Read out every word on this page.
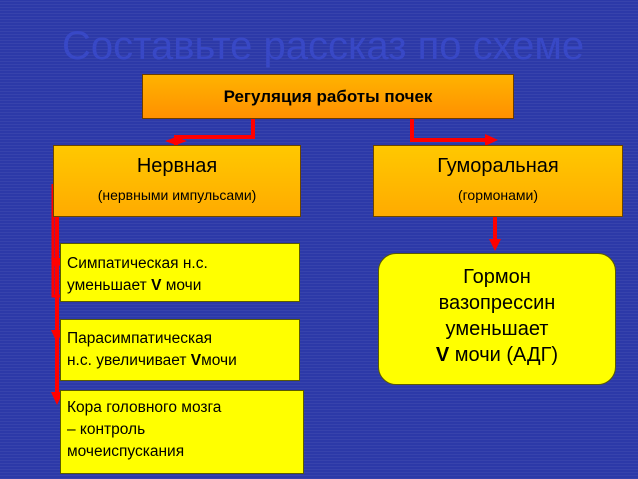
Составьте рассказ по схеме
Регуляция работы почек
Нервная
(нервными импульсами)
Гуморальная
(гормонами)
Симпатическая н.с.
уменьшает V мочи
Парасимпатическая
н.с. увеличивает Vмочи
Кора головного мозга
– контроль
мочеиспускания
Гормон
вазопрессин
уменьшает
V мочи (АДГ)
